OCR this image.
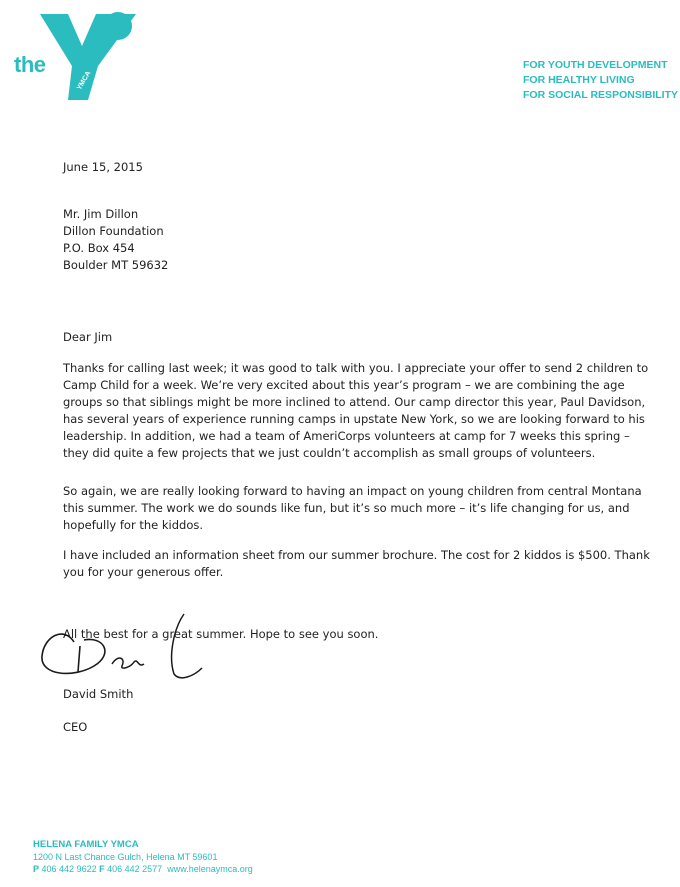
the
YMCA
FOR YOUTH DEVELOPMENT
FOR HEALTHY LIVING
FOR SOCIAL RESPONSIBILITY
June 15, 2015
Mr. Jim Dillon
Dillon Foundation
P.O. Box 454
Boulder MT 59632
Dear Jim
Thanks for calling last week; it was good to talk with you. I appreciate your offer to send 2 children to Camp Child for a week. We’re very excited about this year’s program – we are combining the age groups so that siblings might be more inclined to attend. Our camp director this year, Paul Davidson, has several years of experience running camps in upstate New York, so we are looking forward to his leadership. In addition, we had a team of AmeriCorps volunteers at camp for 7 weeks this spring – they did quite a few projects that we just couldn’t accomplish as small groups of volunteers.
So again, we are really looking forward to having an impact on young children from central Montana this summer. The work we do sounds like fun, but it’s so much more – it’s life changing for us, and hopefully for the kiddos.
I have included an information sheet from our summer brochure. The cost for 2 kiddos is $500. Thank you for your generous offer.
All the best for a great summer. Hope to see you soon.
David Smith
CEO
HELENA FAMILY YMCA
1200 N Last Chance Gulch, Helena MT 59601
P 406 442 9622 F 406 442 2577 www.helenaymca.org
